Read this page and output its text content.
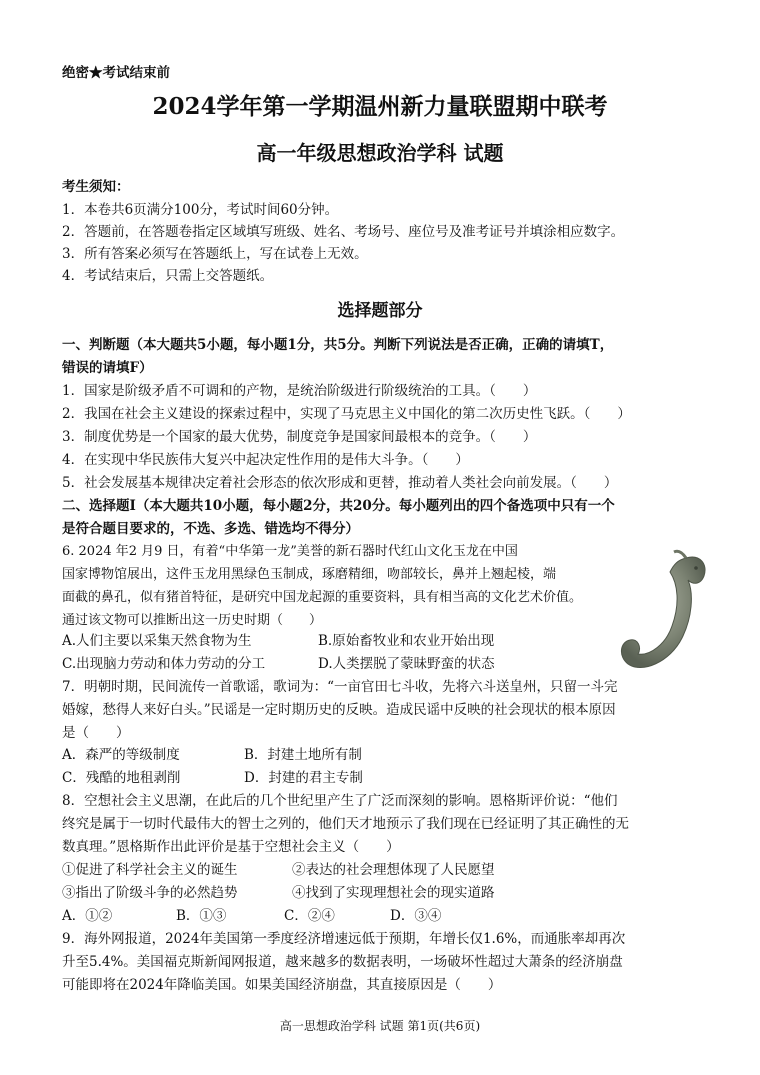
绝密★考试结束前
2024学年第一学期温州新力量联盟期中联考
高一年级思想政治学科 试题
考生须知：
1．本卷共6页满分100分，考试时间60分钟。
2．答题前，在答题卷指定区域填写班级、姓名、考场号、座位号及准考证号并填涂相应数字。
3．所有答案必须写在答题纸上，写在试卷上无效。
4．考试结束后，只需上交答题纸。
选择题部分
一、判断题（本大题共5小题，每小题1分，共5分。判断下列说法是否正确，正确的请填T，
错误的请填F）
1．国家是阶级矛盾不可调和的产物，是统治阶级进行阶级统治的工具。（　　）
2．我国在社会主义建设的探索过程中，实现了马克思主义中国化的第二次历史性飞跃。（　　）
3．制度优势是一个国家的最大优势，制度竞争是国家间最根本的竞争。（　　）
4．在实现中华民族伟大复兴中起决定性作用的是伟大斗争。（　　）
5．社会发展基本规律决定着社会形态的依次形成和更替，推动着人类社会向前发展。（　　）
二、选择题Ⅰ（本大题共10小题，每小题2分，共20分。每小题列出的四个备选项中只有一个
是符合题目要求的，不选、多选、错选均不得分）
6. 2024 年2 月9 日，有着“中华第一龙”美誉的新石器时代红山文化玉龙在中国
国家博物馆展出，这件玉龙用黑绿色玉制成，琢磨精细，吻部较长，鼻并上翘起棱，端
面截的鼻孔，似有猪首特征，是研究中国龙起源的重要资料，具有相当高的文化艺术价值。
通过该文物可以推断出这一历史时期（　　）
A.人们主要以采集天然食物为生	B.原始畜牧业和农业开始出现
C.出现脑力劳动和体力劳动的分工	D.人类摆脱了蒙昧野蛮的状态
7．明朝时期，民间流传一首歌谣，歌词为：“一亩官田七斗收，先将六斗送皇州，只留一斗完
婚嫁，愁得人来好白头。”民谣是一定时期历史的反映。造成民谣中反映的社会现状的根本原因
是（　　）
A．森严的等级制度	B．封建土地所有制
C．残酷的地租剥削	D．封建的君主专制
8．空想社会主义思潮，在此后的几个世纪里产生了广泛而深刻的影响。恩格斯评价说：“他们
终究是属于一切时代最伟大的智士之列的，他们天才地预示了我们现在已经证明了其正确性的无
数真理。”恩格斯作出此评价是基于空想社会主义（　　）
①促进了科学社会主义的诞生	②表达的社会理想体现了人民愿望
③指出了阶级斗争的必然趋势	④找到了实现理想社会的现实道路
A．①②	B．①③	C．②④	D．③④
9．海外网报道，2024年美国第一季度经济增速远低于预期，年增长仅1.6%，而通胀率却再次
升至5.4%。美国福克斯新闻网报道，越来越多的数据表明，一场破坏性超过大萧条的经济崩盘
可能即将在2024年降临美国。如果美国经济崩盘，其直接原因是（　　）
高一思想政治学科 试题 第1页(共6页)
